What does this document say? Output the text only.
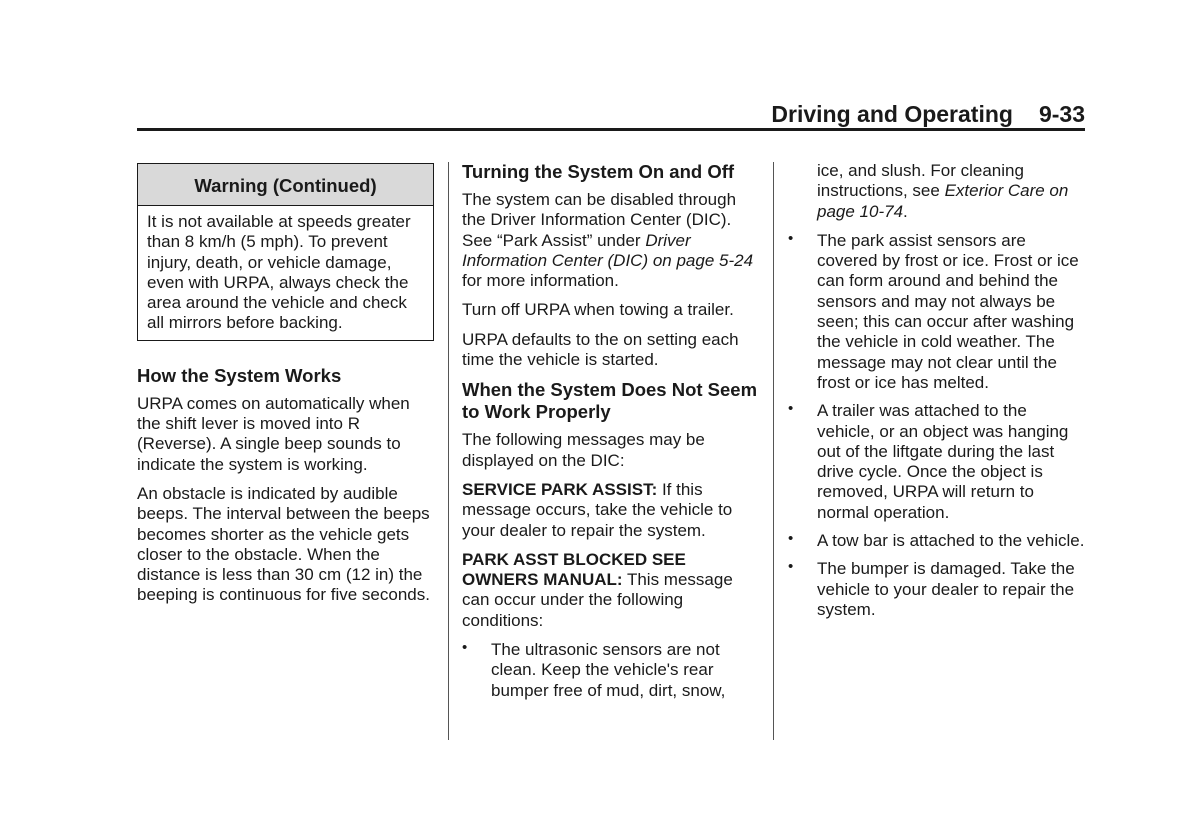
Driving and Operating 9-33
Warning (Continued)
It is not available at speeds greater than 8 km/h (5 mph). To prevent injury, death, or vehicle damage, even with URPA, always check the area around the vehicle and check all mirrors before backing.
How the System Works

URPA comes on automatically when the shift lever is moved into R (Reverse). A single beep sounds to indicate the system is working.

An obstacle is indicated by audible beeps. The interval between the beeps becomes shorter as the vehicle gets closer to the obstacle. When the distance is less than 30 cm (12 in) the beeping is continuous for five seconds.

Turning the System On and Off

The system can be disabled through the Driver Information Center (DIC). See “Park Assist” under Driver Information Center (DIC) on page 5-24 for more information.

Turn off URPA when towing a trailer.

URPA defaults to the on setting each time the vehicle is started.

When the System Does Not Seem to Work Properly

The following messages may be displayed on the DIC:

SERVICE PARK ASSIST: If this message occurs, take the vehicle to your dealer to repair the system.

PARK ASST BLOCKED SEE OWNERS MANUAL: This message can occur under the following conditions:

• The ultrasonic sensors are not clean. Keep the vehicle's rear bumper free of mud, dirt, snow,
ice, and slush. For cleaning instructions, see Exterior Care on page 10-74.
• The park assist sensors are covered by frost or ice. Frost or ice can form around and behind the sensors and may not always be seen; this can occur after washing the vehicle in cold weather. The message may not clear until the frost or ice has melted.
• A trailer was attached to the vehicle, or an object was hanging out of the liftgate during the last drive cycle. Once the object is removed, URPA will return to normal operation.
• A tow bar is attached to the vehicle.
• The bumper is damaged. Take the vehicle to your dealer to repair the system.
